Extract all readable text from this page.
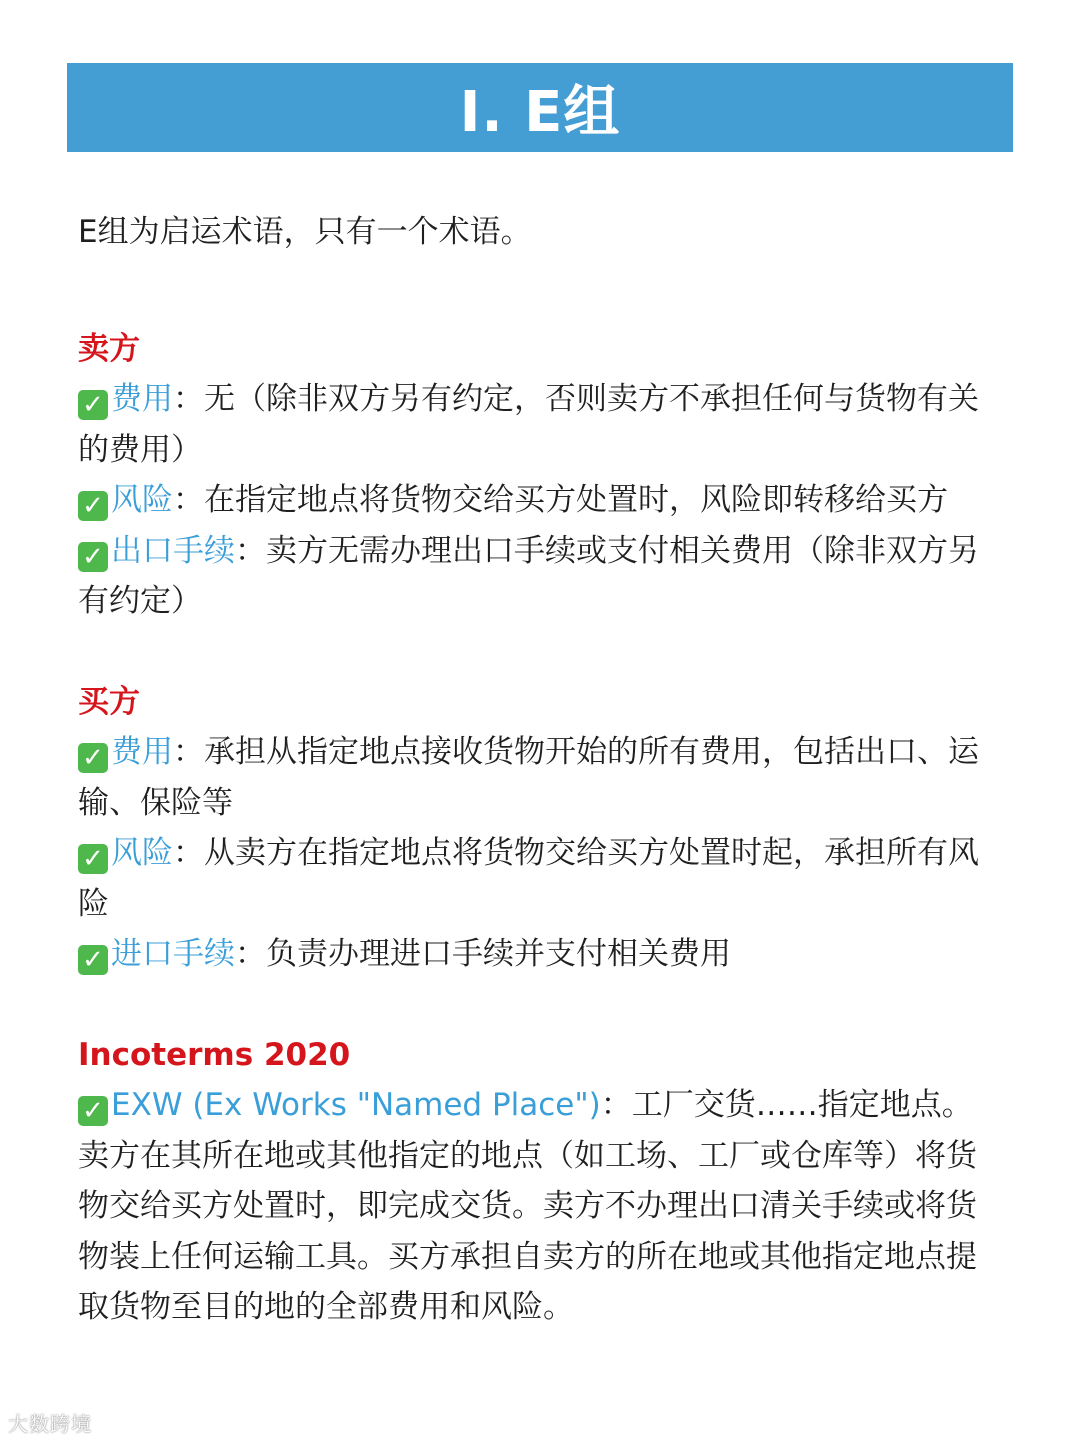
I. E组

E组为启运术语，只有一个术语。

卖方

✓ 费用：无（除非双方另有约定，否则卖方不承担任何与货物有关的费用）

✓ 风险：在指定地点将货物交给买方处置时，风险即转移给买方

✓ 出口手续：卖方无需办理出口手续或支付相关费用（除非双方另有约定）

买方

✓ 费用：承担从指定地点接收货物开始的所有费用，包括出口、运输、保险等

✓ 风险：从卖方在指定地点将货物交给买方处置时起，承担所有风险

✓ 进口手续：负责办理进口手续并支付相关费用

Incoterms 2020

✓ EXW (Ex Works "Named Place")：工厂交货……指定地点。卖方在其所在地或其他指定的地点（如工场、工厂或仓库等）将货物交给买方处置时，即完成交货。卖方不办理出口清关手续或将货物装上任何运输工具。买方承担自卖方的所在地或其他指定地点提取货物至目的地的全部费用和风险。

大数跨境
